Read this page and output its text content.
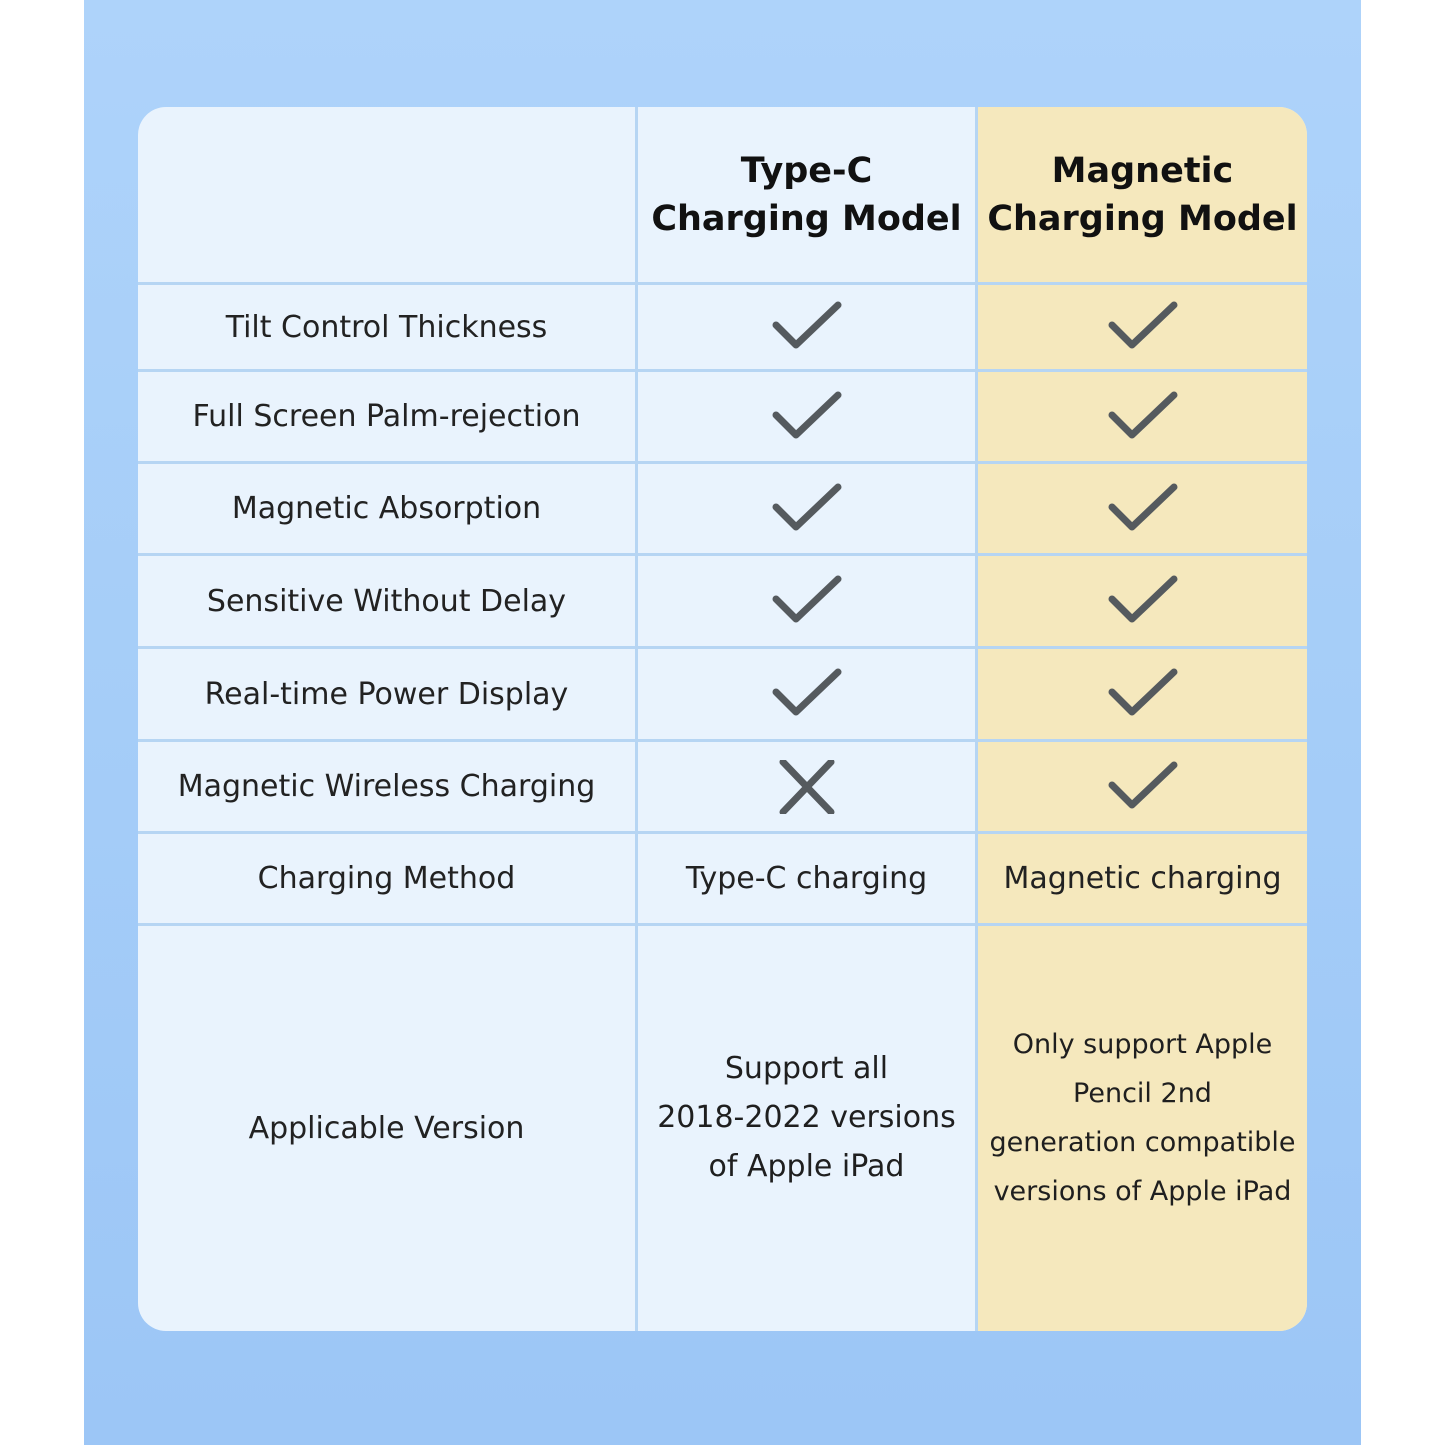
Type-C
Charging Model
Magnetic
Charging Model
Tilt Control Thickness
Full Screen Palm-rejection
Magnetic Absorption
Sensitive Without Delay
Real-time Power Display
Magnetic Wireless Charging
Charging Method	Type-C charging	Magnetic charging
Applicable Version
Support all
2018-2022 versions
of Apple iPad
Only support Apple
Pencil 2nd
generation compatible
versions of Apple iPad
